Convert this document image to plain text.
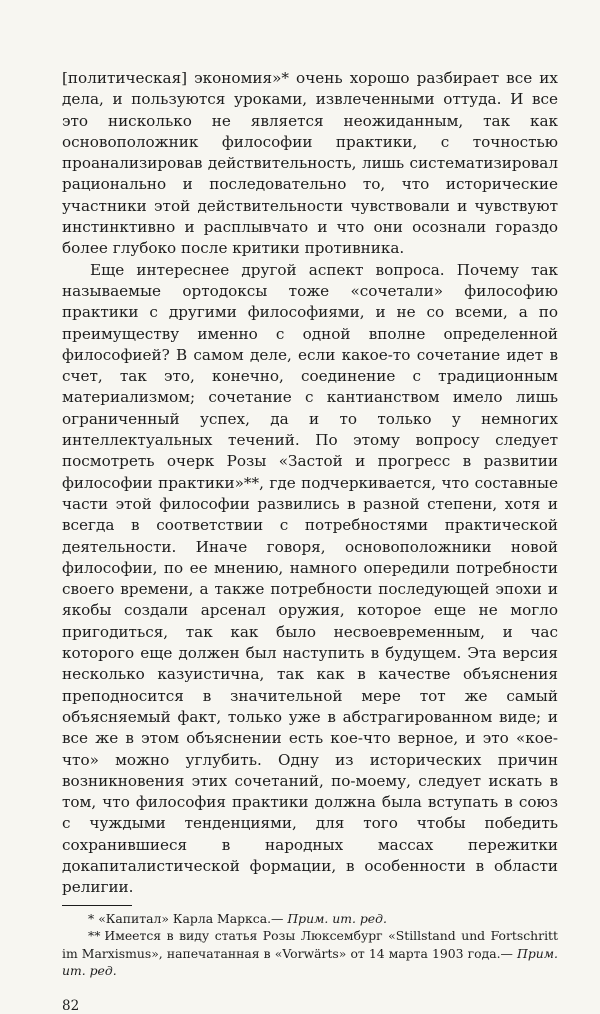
[политическая] экономия»* очень хорошо разбирает все их дела, и пользуются уроками, извлеченными оттуда. И все это нисколько не является неожиданным, так как основоположник философии практики, с точностью проанализировав действительность, лишь систематизировал рационально и последовательно то, что исторические участники этой действительности чувствовали и чувствуют инстинктивно и расплывчато и что они осознали гораздо более глубоко после критики противника.

Еще интереснее другой аспект вопроса. Почему так называемые ортодоксы тоже «сочетали» философию практики с другими философиями, и не со всеми, а по преимуществу именно с одной вполне определенной философией? В самом деле, если какое-то сочетание идет в счет, так это, конечно, соединение с традиционным материализмом; сочетание с кантианством имело лишь ограниченный успех, да и то только у немногих интеллектуальных течений. По этому вопросу следует посмотреть очерк Розы «Застой и прогресс в развитии философии практики»**, где подчеркивается, что составные части этой философии развились в разной степени, хотя и всегда в соответствии с потребностями практической деятельности. Иначе говоря, основоположники новой философии, по ее мнению, намного опередили потребности своего времени, а также потребности последующей эпохи и якобы создали арсенал оружия, которое еще не могло пригодиться, так как было несвоевременным, и час которого еще должен был наступить в будущем. Эта версия несколько казуистична, так как в качестве объяснения преподносится в значительной мере тот же самый объясняемый факт, только уже в абстрагированном виде; и все же в этом объяснении есть кое-что верное, и это «кое-что» можно углубить. Одну из исторических причин возникновения этих сочетаний, по-моему, следует искать в том, что философия практики должна была вступать в союз с чуждыми тенденциями, для того чтобы победить сохранившиеся в народных массах пережитки докапиталистической формации, в особенности в области религии.

* «Капитал» Карла Маркса.— Прим. ит. ред.

** Имеется в виду статья Розы Люксембург «Stillstand und Fortschritt im Marxismus», напечатанная в «Vorwärts» от 14 марта 1903 года.— Прим. ит. ред.

82
